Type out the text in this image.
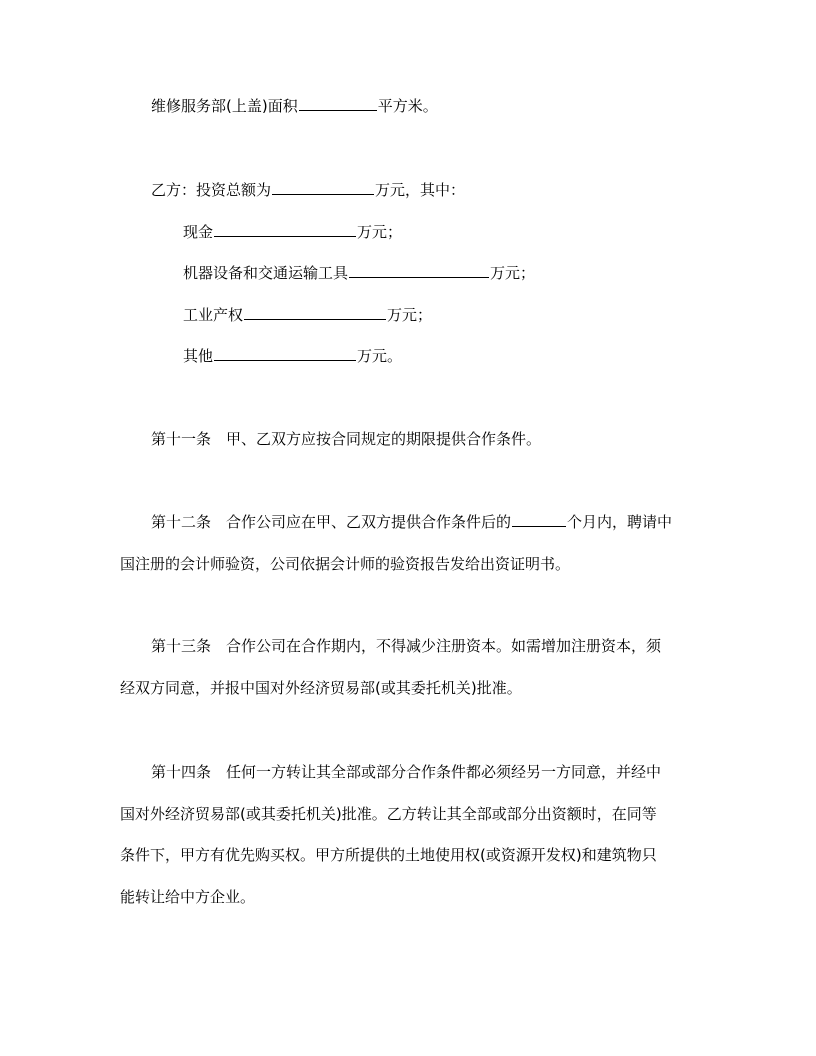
维修服务部(上盖)面积	平方米。
乙方：投资总额为	万元，其中：
现金	万元；
机器设备和交通运输工具	万元；
工业产权	万元；
其他	万元。
第十一条　甲、乙双方应按合同规定的期限提供合作条件。
第十二条　合作公司应在甲、乙双方提供合作条件后的	个月内，聘请中
国注册的会计师验资，公司依据会计师的验资报告发给出资证明书。
第十三条　合作公司在合作期内，不得减少注册资本。如需增加注册资本，须
经双方同意，并报中国对外经济贸易部(或其委托机关)批准。
第十四条　任何一方转让其全部或部分合作条件都必须经另一方同意，并经中
国对外经济贸易部(或其委托机关)批准。乙方转让其全部或部分出资额时，在同等
条件下，甲方有优先购买权。甲方所提供的土地使用权(或资源开发权)和建筑物只
能转让给中方企业。
